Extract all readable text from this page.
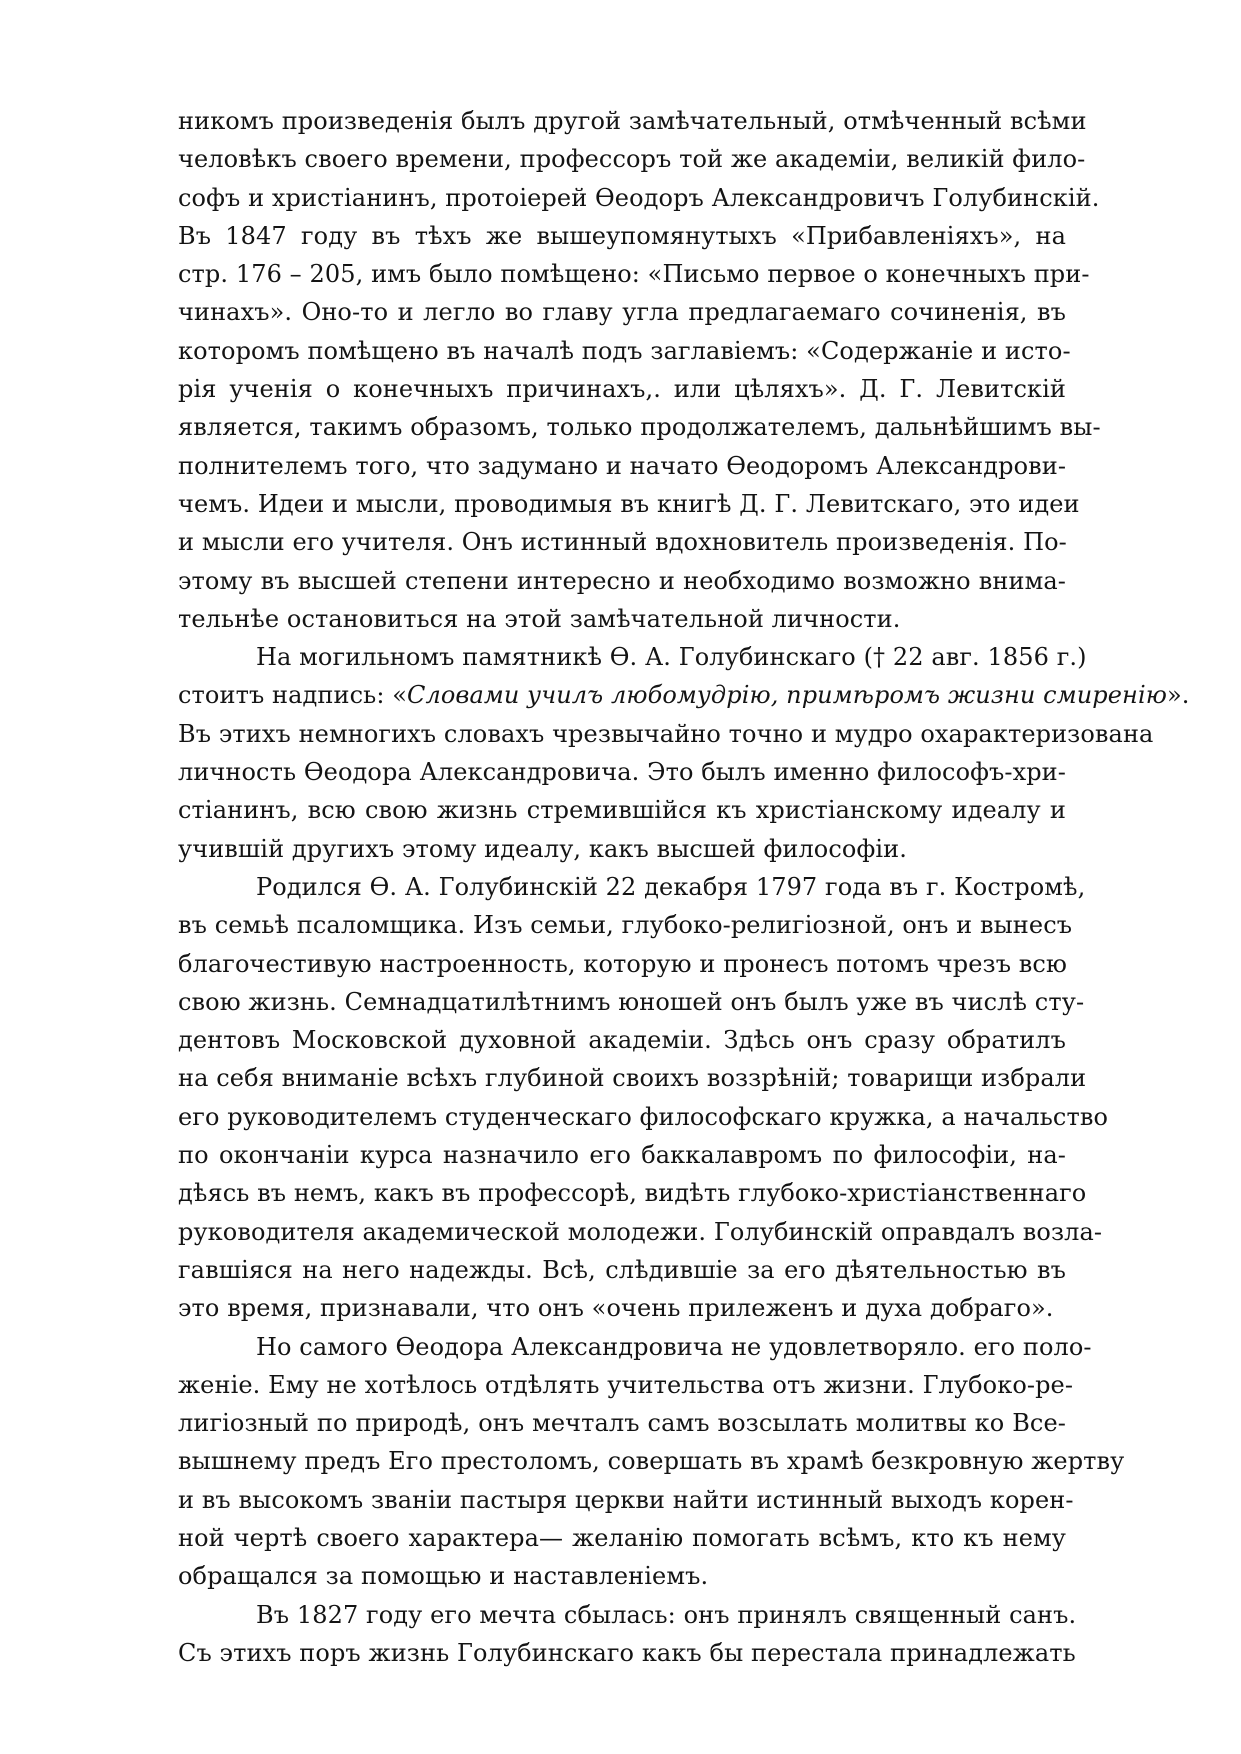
никомъ произведенія былъ другой замѣчательный, отмѣченный всѣми
человѣкъ своего времени, профессоръ той же академіи, великій фило-
софъ и христіанинъ, протоіерей Ѳеодоръ Александровичъ Голубинскій.
Въ 1847 году въ тѣхъ же вышеупомянутыхъ «Прибавленіяхъ», на
стр. 176 – 205, имъ было помѣщено: «Письмо первое о конечныхъ при-
чинахъ». Оно-то и легло во главу угла предлагаемаго сочиненія, въ
которомъ помѣщено въ началѣ подъ заглавіемъ: «Содержаніе и исто-
рія ученія о конечныхъ причинахъ,. или цѣляхъ». Д. Г. Левитскій
является, такимъ образомъ, только продолжателемъ, дальнѣйшимъ вы-
полнителемъ того, что задумано и начато Ѳеодоромъ Александрови-
чемъ. Идеи и мысли, проводимыя въ книгѣ Д. Г. Левитскаго, это идеи
и мысли его учителя. Онъ истинный вдохновитель произведенія. По-
этому въ высшей степени интересно и необходимо возможно внима-
тельнѣе остановиться на этой замѣчательной личности.
На могильномъ памятникѣ Ѳ. А. Голубинскаго († 22 авг. 1856 г.)
стоитъ надпись: «Словами училъ любомудрію, примѣромъ жизни смиренію».
Въ этихъ немногихъ словахъ чрезвычайно точно и мудро охарактеризована
личность Ѳеодора Александровича. Это былъ именно философъ-хри-
стіанинъ, всю свою жизнь стремившійся къ христіанскому идеалу и
учившій другихъ этому идеалу, какъ высшей философіи.
Родился Ѳ. А. Голубинскій 22 декабря 1797 года въ г. Костромѣ,
въ семьѣ псаломщика. Изъ семьи, глубоко-религіозной, онъ и вынесъ
благочестивую настроенность, которую и пронесъ потомъ чрезъ всю
свою жизнь. Семнадцатилѣтнимъ юношей онъ былъ уже въ числѣ сту-
дентовъ Московской духовной академіи. Здѣсь онъ сразу обратилъ
на себя вниманіе всѣхъ глубиной своихъ воззрѣній; товарищи избрали
его руководителемъ студенческаго философскаго кружка, а начальство
по окончаніи курса назначило его баккалавромъ по философіи, на-
дѣясь въ немъ, какъ въ профессорѣ, видѣть глубоко-христіанственнаго
руководителя академической молодежи. Голубинскій оправдалъ возла-
гавшіяся на него надежды. Всѣ, слѣдившіе за его дѣятельностью въ
это время, признавали, что онъ «очень прилеженъ и духа добраго».
Но самого Ѳеодора Александровича не удовлетворяло. его поло-
женіе. Ему не хотѣлось отдѣлять учительства отъ жизни. Глубоко-ре-
лигіозный по природѣ, онъ мечталъ самъ возсылать молитвы ко Все-
вышнему предъ Его престоломъ, совершать въ храмѣ безкровную жертву
и въ высокомъ званіи пастыря церкви найти истинный выходъ корен-
ной чертѣ своего характера— желанію помогать всѣмъ, кто къ нему
обращался за помощью и наставленіемъ.
Въ 1827 году его мечта сбылась: онъ принялъ священный санъ.
Съ этихъ поръ жизнь Голубинскаго какъ бы перестала принадлежать
